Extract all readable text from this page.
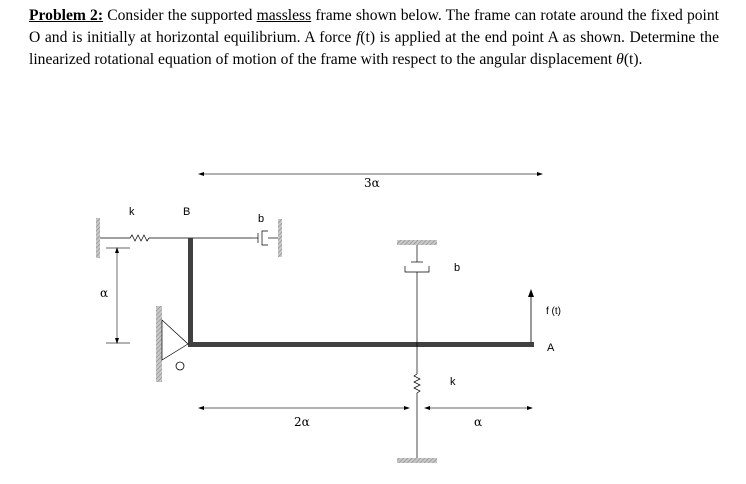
Problem 2: Consider the supported massless frame shown below. The frame can rotate around the fixed point O and is initially at horizontal equilibrium. A force f(t) is applied at the end point A as shown. Determine the linearized rotational equation of motion of the frame with respect to the angular displacement θ(t).
3α
k	B
b
α
b
k
f (t)
A
2α	α
